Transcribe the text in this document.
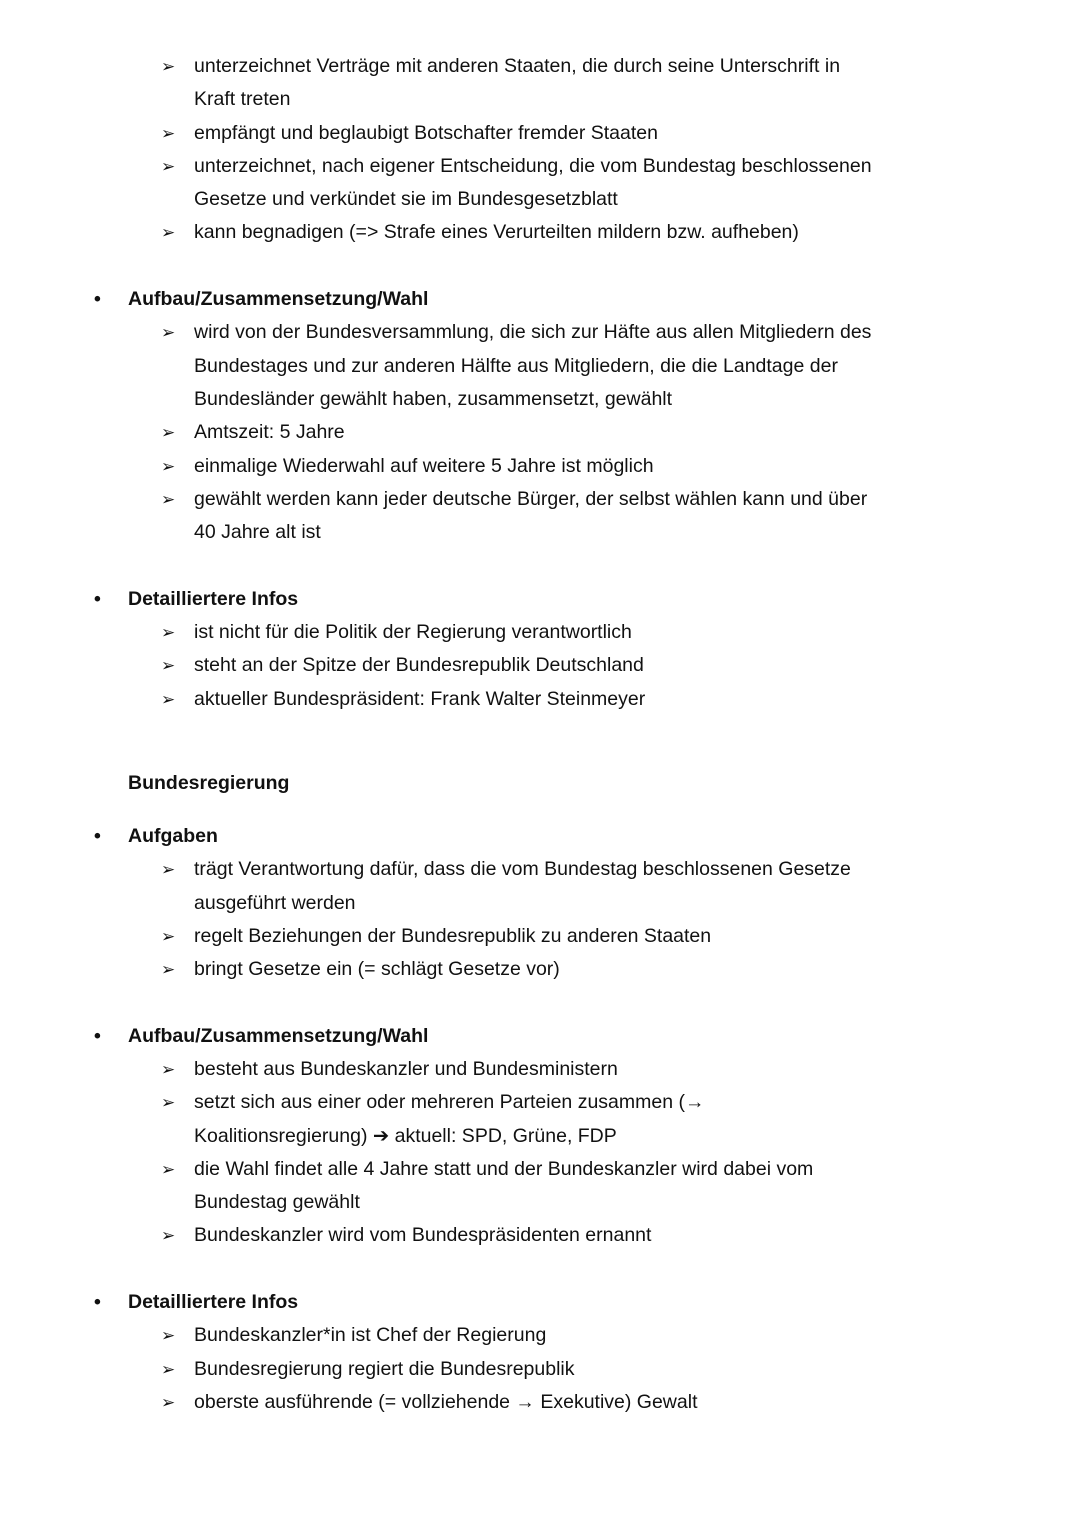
➢ unterzeichnet Verträge mit anderen Staaten, die durch seine Unterschrift in
Kraft treten
➢ empfängt und beglaubigt Botschafter fremder Staaten
➢ unterzeichnet, nach eigener Entscheidung, die vom Bundestag beschlossenen
Gesetze und verkündet sie im Bundesgesetzblatt
➢ kann begnadigen (=> Strafe eines Verurteilten mildern bzw. aufheben)
• Aufbau/Zusammensetzung/Wahl
➢ wird von der Bundesversammlung, die sich zur Häfte aus allen Mitgliedern des
Bundestages und zur anderen Hälfte aus Mitgliedern, die die Landtage der
Bundesländer gewählt haben, zusammensetzt, gewählt
➢ Amtszeit: 5 Jahre
➢ einmalige Wiederwahl auf weitere 5 Jahre ist möglich
➢ gewählt werden kann jeder deutsche Bürger, der selbst wählen kann und über
40 Jahre alt ist
• Detailliertere Infos
➢ ist nicht für die Politik der Regierung verantwortlich
➢ steht an der Spitze der Bundesrepublik Deutschland
➢ aktueller Bundespräsident: Frank Walter Steinmeyer
Bundesregierung
• Aufgaben
➢ trägt Verantwortung dafür, dass die vom Bundestag beschlossenen Gesetze
ausgeführt werden
➢ regelt Beziehungen der Bundesrepublik zu anderen Staaten
➢ bringt Gesetze ein (= schlägt Gesetze vor)
• Aufbau/Zusammensetzung/Wahl
➢ besteht aus Bundeskanzler und Bundesministern
➢ setzt sich aus einer oder mehreren Parteien zusammen (→
Koalitionsregierung) ➔ aktuell: SPD, Grüne, FDP
➢ die Wahl findet alle 4 Jahre statt und der Bundeskanzler wird dabei vom
Bundestag gewählt
➢ Bundeskanzler wird vom Bundespräsidenten ernannt
• Detailliertere Infos
➢ Bundeskanzler*in ist Chef der Regierung
➢ Bundesregierung regiert die Bundesrepublik
➢ oberste ausführende (= vollziehende → Exekutive) Gewalt
